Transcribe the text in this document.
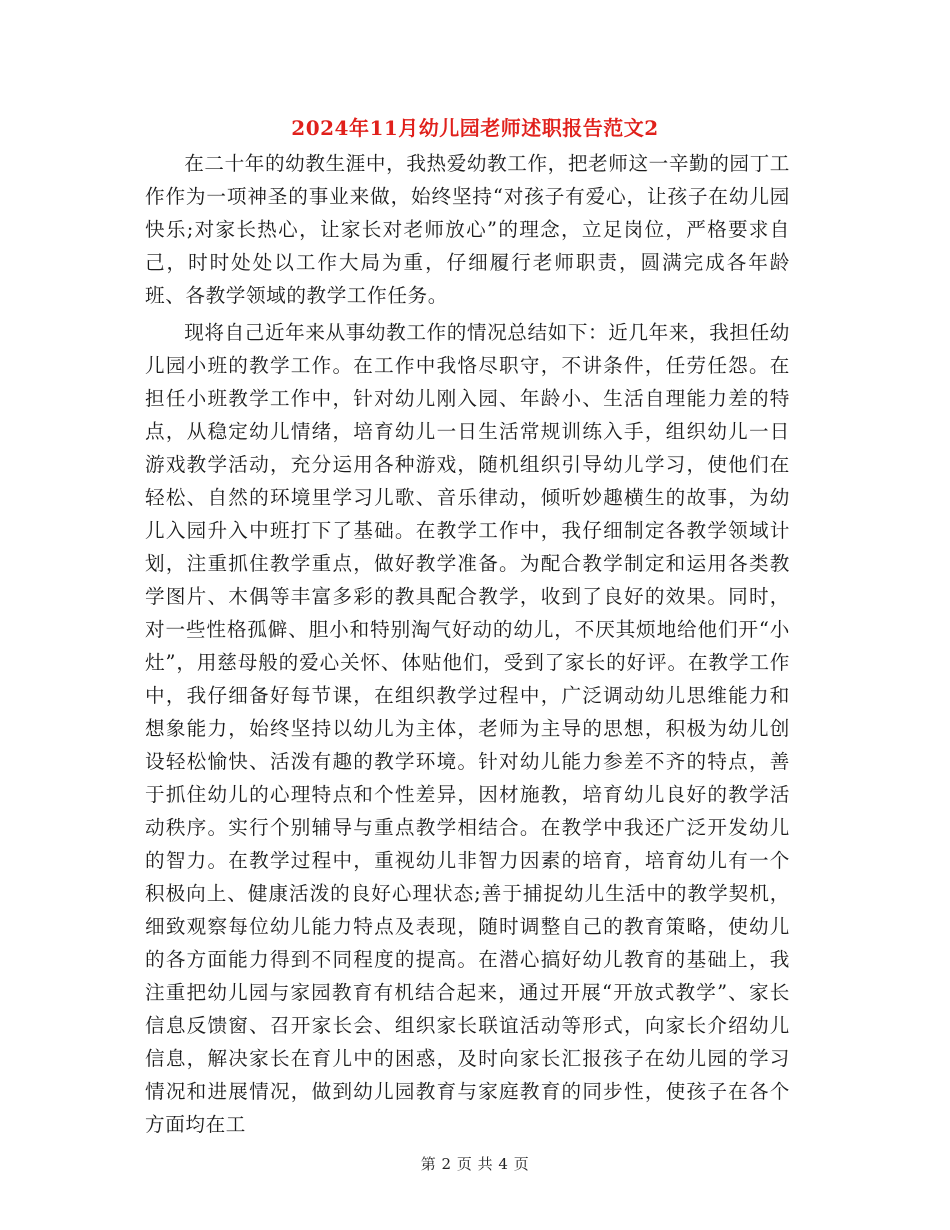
2024年11月幼儿园老师述职报告范文2

在二十年的幼教生涯中，我热爱幼教工作，把老师这一辛勤的园丁工作作为一项神圣的事业来做，始终坚持“对孩子有爱心，让孩子在幼儿园快乐;对家长热心，让家长对老师放心”的理念，立足岗位，严格要求自己，时时处处以工作大局为重，仔细履行老师职责，圆满完成各年龄班、各教学领域的教学工作任务。

现将自己近年来从事幼教工作的情况总结如下：近几年来，我担任幼儿园小班的教学工作。在工作中我恪尽职守，不讲条件，任劳任怨。在担任小班教学工作中，针对幼儿刚入园、年龄小、生活自理能力差的特点，从稳定幼儿情绪，培育幼儿一日生活常规训练入手，组织幼儿一日游戏教学活动，充分运用各种游戏，随机组织引导幼儿学习，使他们在轻松、自然的环境里学习儿歌、音乐律动，倾听妙趣横生的故事，为幼儿入园升入中班打下了基础。在教学工作中，我仔细制定各教学领域计划，注重抓住教学重点，做好教学准备。为配合教学制定和运用各类教学图片、木偶等丰富多彩的教具配合教学，收到了良好的效果。同时，对一些性格孤僻、胆小和特别淘气好动的幼儿，不厌其烦地给他们开“小灶”，用慈母般的爱心关怀、体贴他们，受到了家长的好评。在教学工作中，我仔细备好每节课，在组织教学过程中，广泛调动幼儿思维能力和想象能力，始终坚持以幼儿为主体，老师为主导的思想，积极为幼儿创设轻松愉快、活泼有趣的教学环境。针对幼儿能力参差不齐的特点，善于抓住幼儿的心理特点和个性差异，因材施教，培育幼儿良好的教学活动秩序。实行个别辅导与重点教学相结合。在教学中我还广泛开发幼儿的智力。在教学过程中，重视幼儿非智力因素的培育，培育幼儿有一个积极向上、健康活泼的良好心理状态;善于捕捉幼儿生活中的教学契机，细致观察每位幼儿能力特点及表现，随时调整自己的教育策略，使幼儿的各方面能力得到不同程度的提高。在潜心搞好幼儿教育的基础上，我注重把幼儿园与家园教育有机结合起来，通过开展“开放式教学”、家长信息反馈窗、召开家长会、组织家长联谊活动等形式，向家长介绍幼儿信息，解决家长在育儿中的困惑，及时向家长汇报孩子在幼儿园的学习情况和进展情况，做到幼儿园教育与家庭教育的同步性，使孩子在各个方面均在工

第 2 页 共 4 页
